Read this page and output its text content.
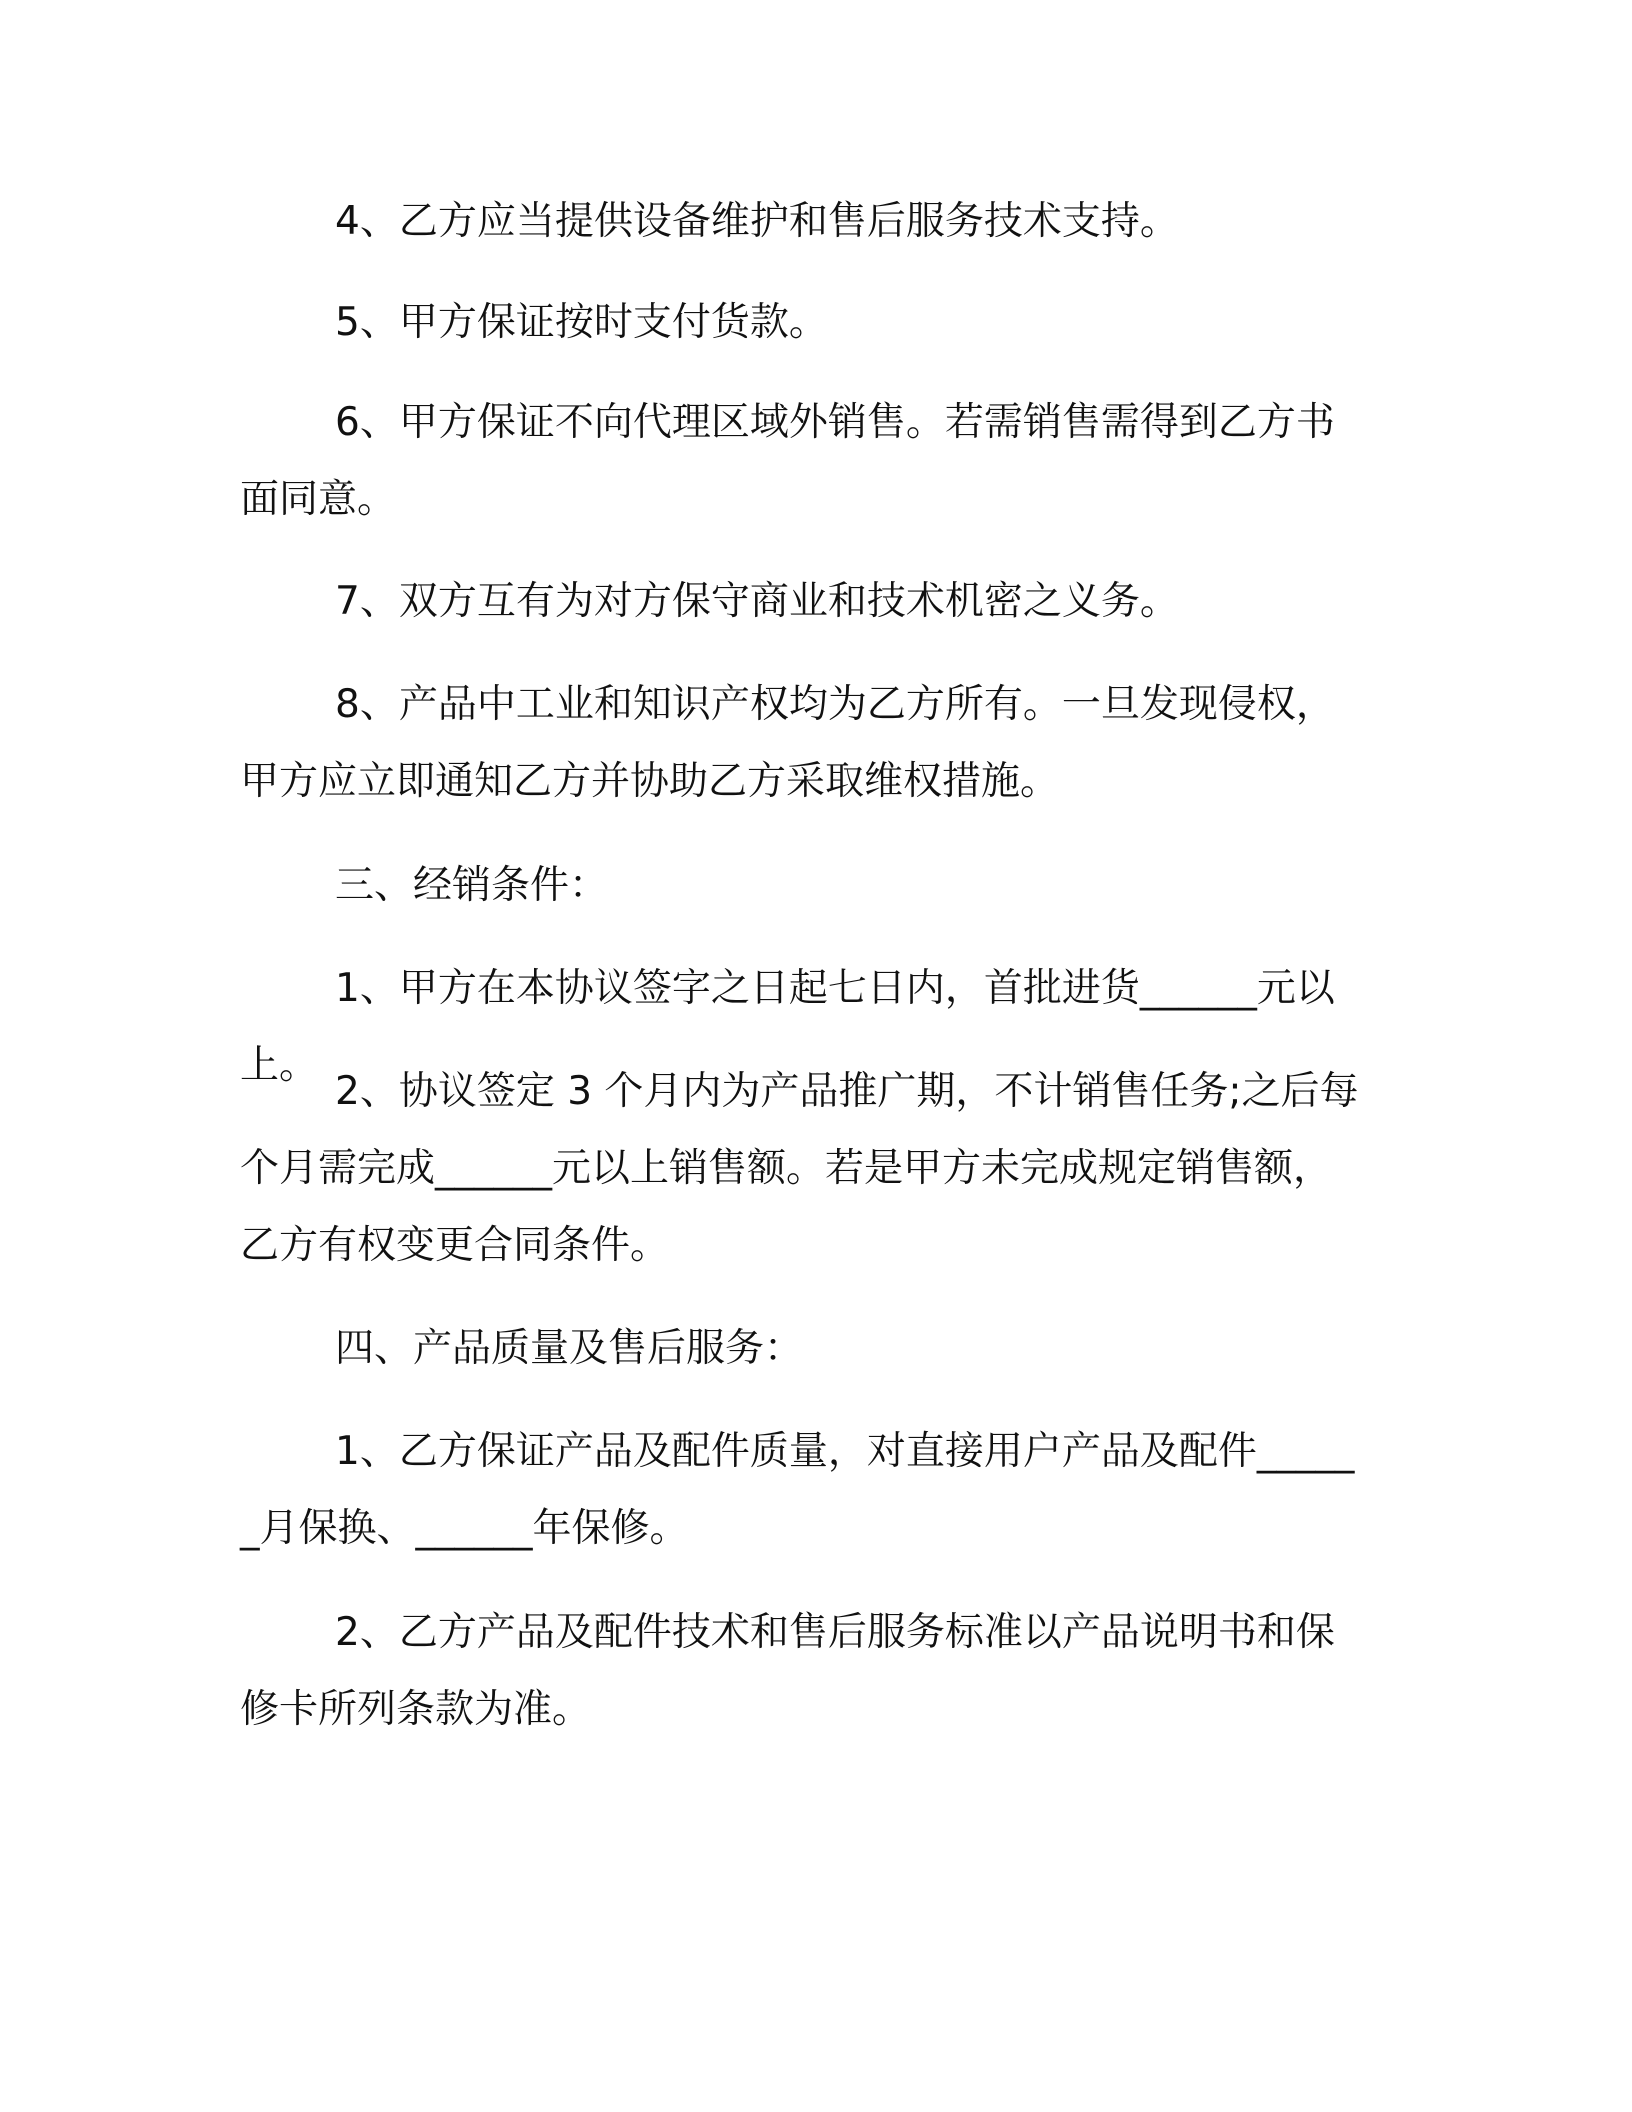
4、乙方应当提供设备维护和售后服务技术支持。

5、甲方保证按时支付货款。

6、甲方保证不向代理区域外销售。若需销售需得到乙方书面同意。

7、双方互有为对方保守商业和技术机密之义务。

8、产品中工业和知识产权均为乙方所有。一旦发现侵权，甲方应立即通知乙方并协助乙方采取维权措施。

三、经销条件：

1、甲方在本协议签字之日起七日内，首批进货______元以上。

2、协议签定 3 个月内为产品推广期，不计销售任务;之后每个月需完成______元以上销售额。若是甲方未完成规定销售额，乙方有权变更合同条件。

四、产品质量及售后服务：

1、乙方保证产品及配件质量，对直接用户产品及配件______月保换、______年保修。

2、乙方产品及配件技术和售后服务标准以产品说明书和保修卡所列条款为准。
